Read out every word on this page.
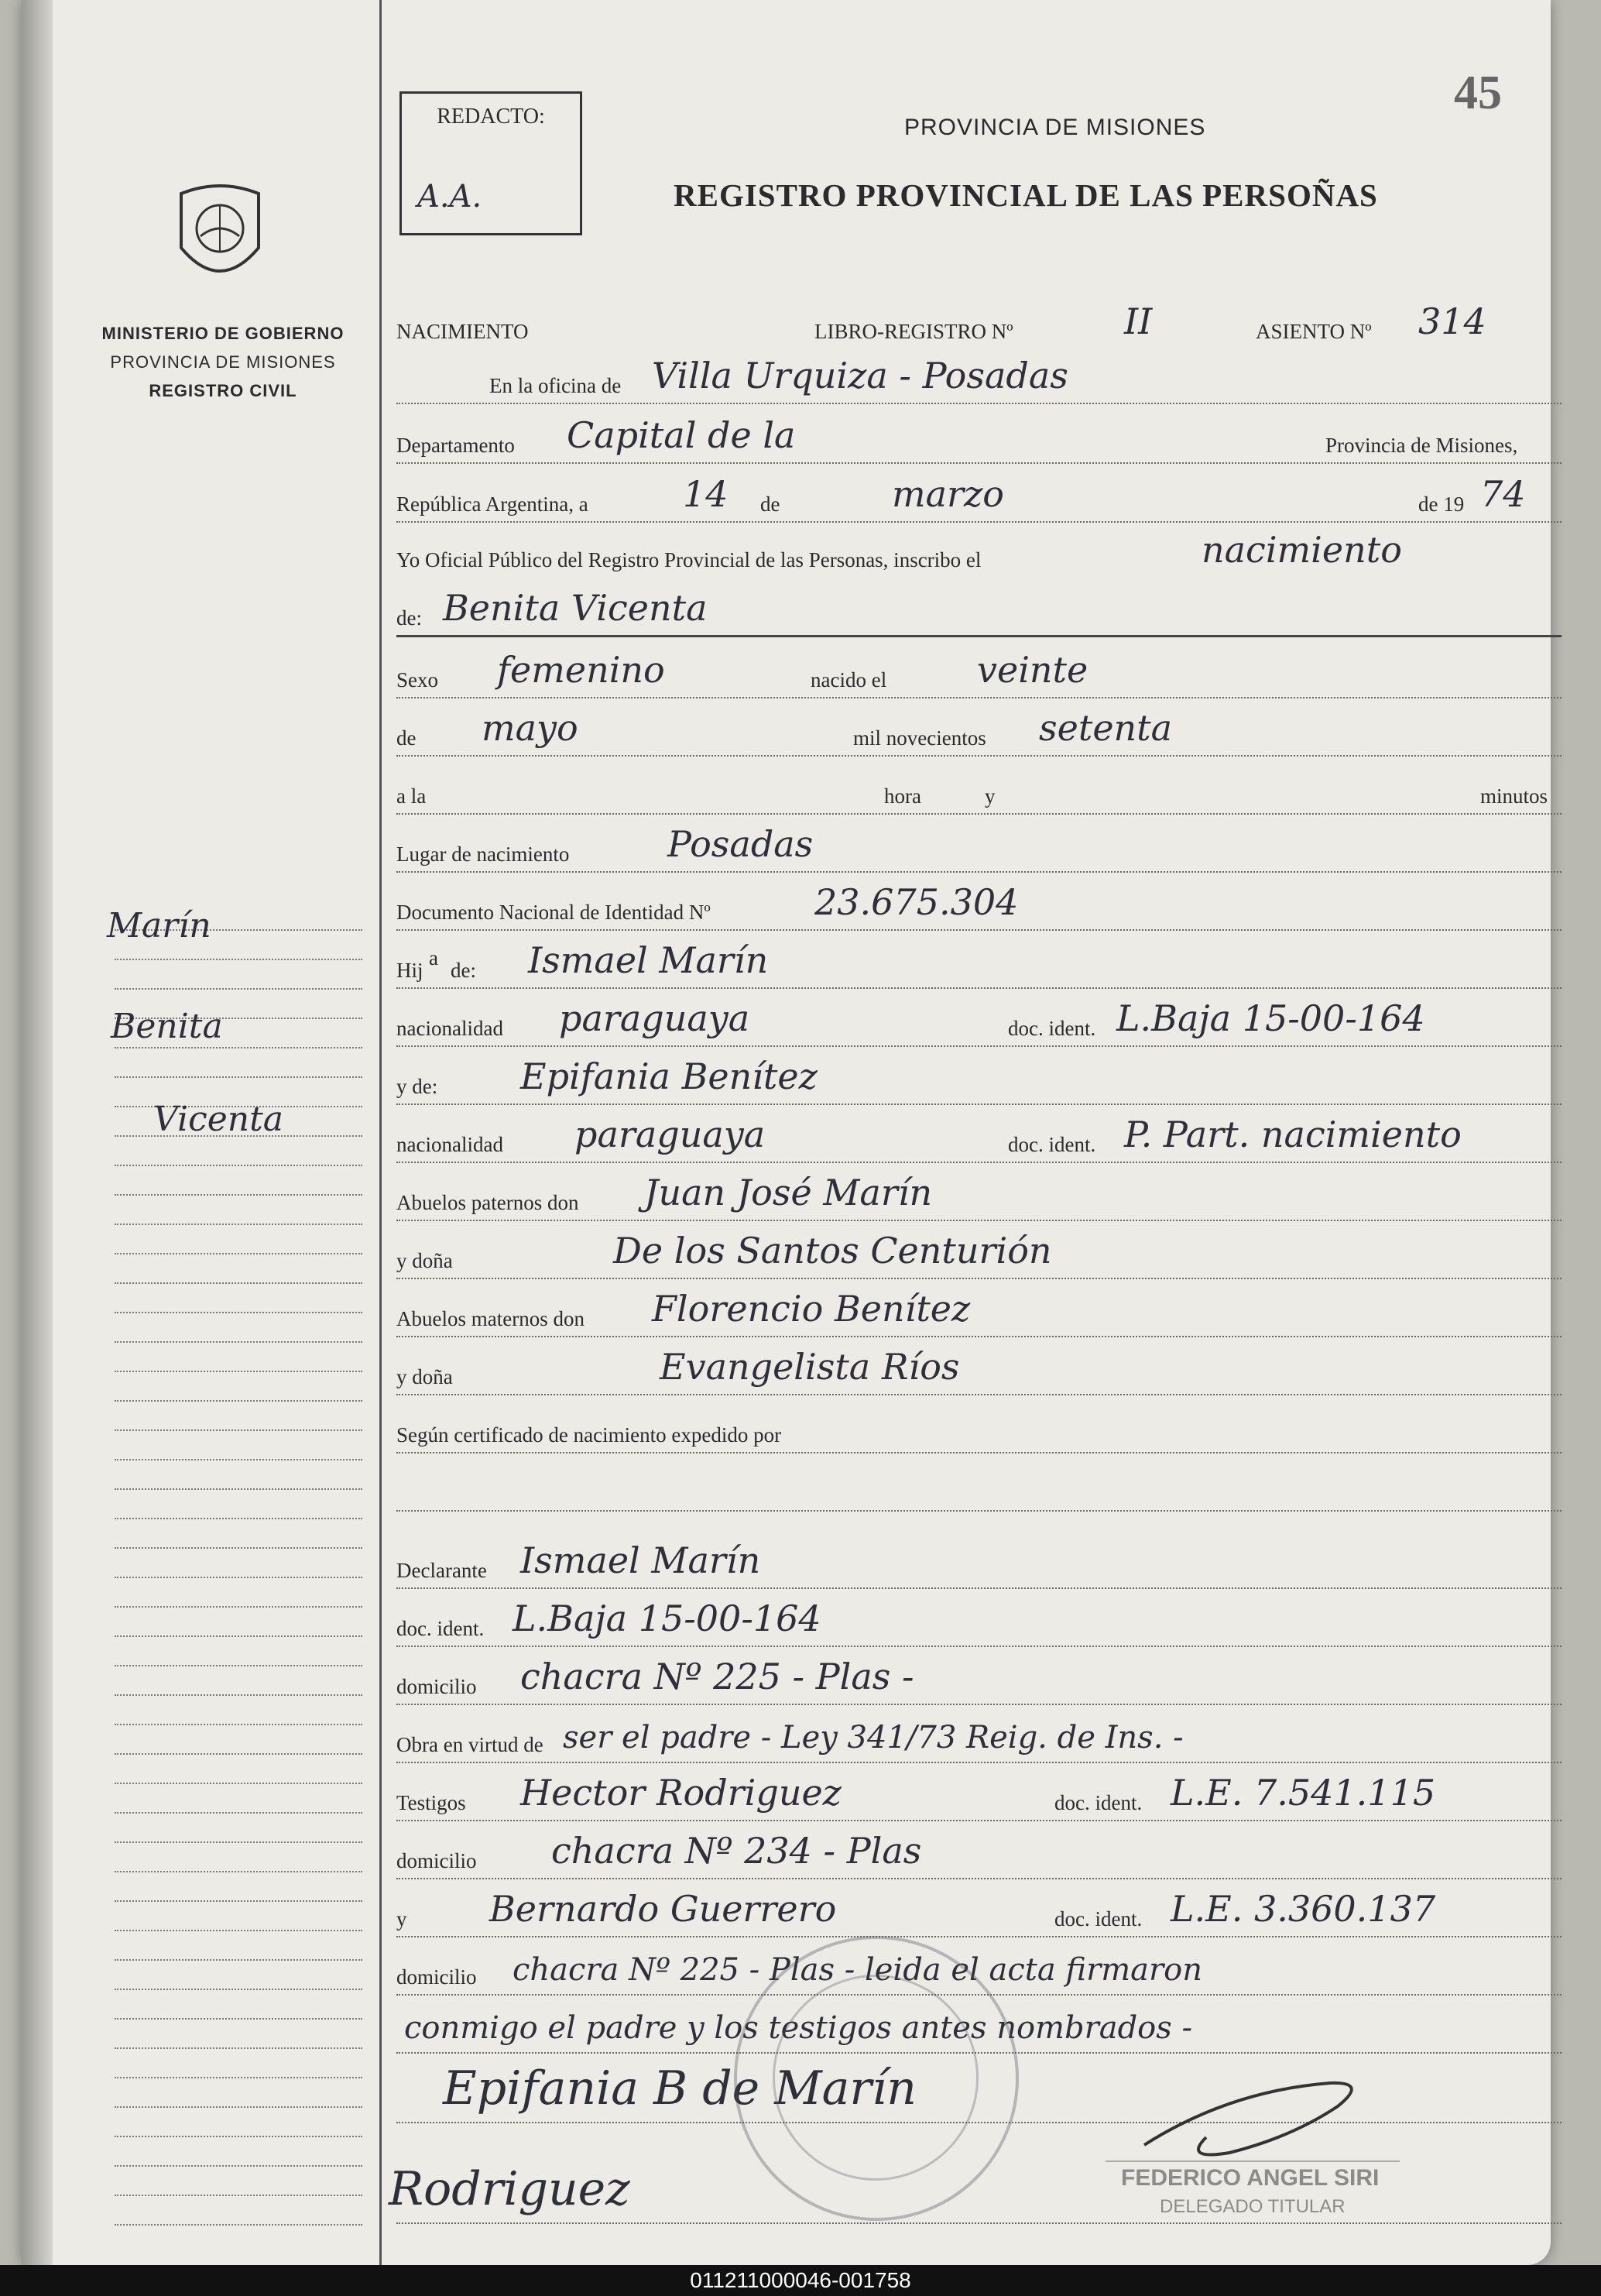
MINISTERIO DE GOBIERNO
PROVINCIA DE MISIONES
REGISTRO CIVIL
Marín
Benita
Vicenta
REDACTO:
A.A.
45
PROVINCIA DE MISIONES
REGISTRO PROVINCIAL DE LAS PERSOÑAS
NACIMIENTO	LIBRO-REGISTRO Nº	II	ASIENTO Nº 314
En la oficina de Villa Urquiza - Posadas
Departamento Capital de la	Provincia de Misiones,
República Argentina, a	14 de	marzo	de 19 74
Yo Oficial Público del Registro Provincial de las Personas, inscribo el	nacimiento
de: Benita Vicenta
Sexo femenino	nacido el	veinte
de mayo	mil novecientos setenta
a la	hora	y	minutos
Lugar de nacimiento	Posadas
Documento Nacional de Identidad Nº	23.675.304
Hij
a
de: Ismael Marín
nacionalidad paraguaya	doc. ident. L.Baja 15-00-164
y de: Epifania Benítez
nacionalidad paraguaya	doc. ident. P. Part. nacimiento
Abuelos paternos don Juan José Marín
y doña	De los Santos Centurión
Abuelos maternos don Florencio Benítez
y doña	Evangelista Ríos
Según certificado de nacimiento expedido por
Declarante Ismael Marín
doc. ident. L.Baja 15-00-164
domicilio chacra Nº 225 - Plas -
Obra en virtud de ser el padre - Ley 341/73 Reig. de Ins. -
Testigos Hector Rodriguez	doc. ident. L.E. 7.541.115
domicilio chacra Nº 234 - Plas
y Bernardo Guerrero	doc. ident. L.E. 3.360.137
domicilio chacra Nº 225 - Plas - leida el acta firmaron
conmigo el padre y los testigos antes nombrados -
Epifania B de Marín
Rodriguez	FEDERICO ANGEL SIRI
DELEGADO TITULAR
011211000046-001758
